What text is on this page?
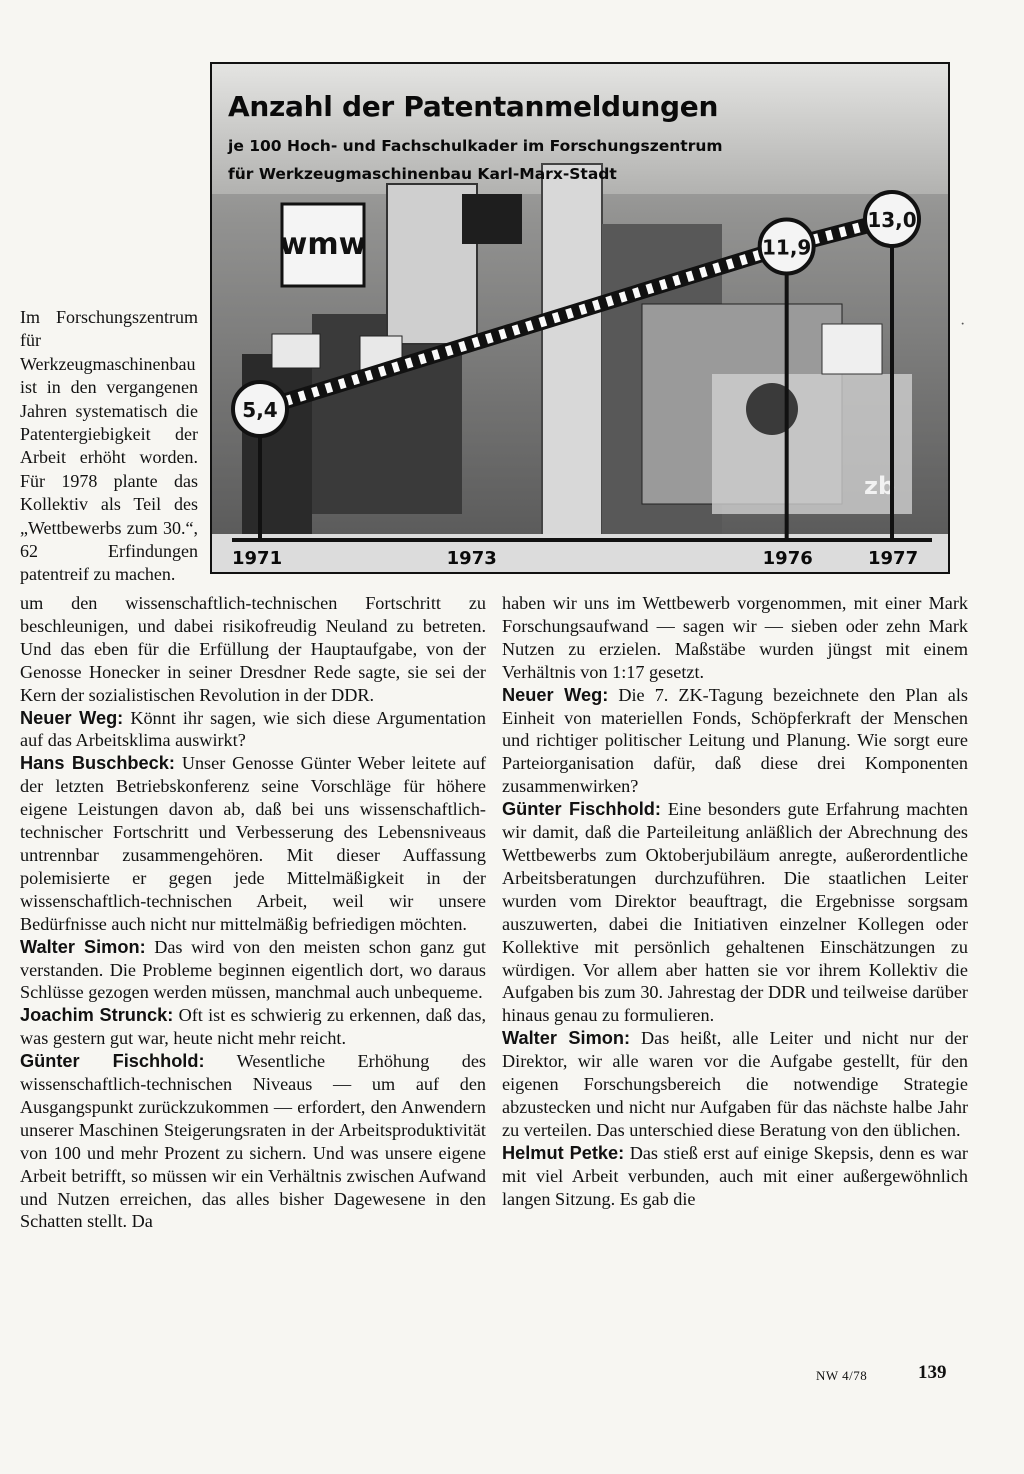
Im Forschungszentrum für Werkzeugmaschinenbau ist in den vergangenen Jahren systematisch die Patentergiebigkeit der Arbeit erhöht worden. Für 1978 plante das Kollektiv als Teil des „Wettbewerbs zum 30.“, 62 Erfindungen patentreif zu machen.

wmw
zb
5,4
11,9
13,0
1971	1973	1976	1977
Anzahl der Patentanmeldungen

je 100 Hoch- und Fachschulkader im Forschungszentrum

für Werkzeugmaschinenbau Karl-Marx-Stadt

um den wissenschaftlich-technischen Fortschritt zu beschleunigen, und dabei risikofreudig Neuland zu betreten. Und das eben für die Erfüllung der Hauptaufgabe, von der Genosse Honecker in seiner Dresdner Rede sagte, sie sei der Kern der sozialistischen Revolution in der DDR.

Neuer Weg: Könnt ihr sagen, wie sich diese Argumentation auf das Arbeitsklima auswirkt?

Hans Buschbeck: Unser Genosse Günter Weber leitete auf der letzten Betriebskonferenz seine Vorschläge für höhere eigene Leistungen davon ab, daß bei uns wissenschaftlich-technischer Fortschritt und Verbesserung des Lebensniveaus untrennbar zusammengehören. Mit dieser Auffassung polemisierte er gegen jede Mittelmäßigkeit in der wissenschaftlich-technischen Arbeit, weil wir unsere Bedürfnisse auch nicht nur mittelmäßig befriedigen möchten.

Walter Simon: Das wird von den meisten schon ganz gut verstanden. Die Probleme beginnen eigentlich dort, wo daraus Schlüsse gezogen werden müssen, manchmal auch unbequeme.

Joachim Strunck: Oft ist es schwierig zu erkennen, daß das, was gestern gut war, heute nicht mehr reicht.

Günter Fischhold: Wesentliche Erhöhung des wissenschaftlich-technischen Niveaus — um auf den Ausgangspunkt zurückzukommen — erfordert, den Anwendern unserer Maschinen Steigerungsraten in der Arbeitsproduktivität von 100 und mehr Prozent zu sichern. Und was unsere eigene Arbeit betrifft, so müssen wir ein Verhältnis zwischen Aufwand und Nutzen erreichen, das alles bisher Dagewesene in den Schatten stellt. Da

haben wir uns im Wettbewerb vorgenommen, mit einer Mark Forschungsaufwand — sagen wir — sieben oder zehn Mark Nutzen zu erzielen. Maßstäbe wurden jüngst mit einem Verhältnis von 1:17 gesetzt.

Neuer Weg: Die 7. ZK-Tagung bezeichnete den Plan als Einheit von materiellen Fonds, Schöpferkraft der Menschen und richtiger politischer Leitung und Planung. Wie sorgt eure Parteiorganisation dafür, daß diese drei Komponenten zusammenwirken?

Günter Fischhold: Eine besonders gute Erfahrung machten wir damit, daß die Parteileitung anläßlich der Abrechnung des Wettbewerbs zum Oktoberjubiläum anregte, außerordentliche Arbeitsberatungen durchzuführen. Die staatlichen Leiter wurden vom Direktor beauftragt, die Ergebnisse sorgsam auszuwerten, dabei die Initiativen einzelner Kollegen oder Kollektive mit persönlich gehaltenen Einschätzungen zu würdigen. Vor allem aber hatten sie vor ihrem Kollektiv die Aufgaben bis zum 30. Jahrestag der DDR und teilweise darüber hinaus genau zu formulieren.

Walter Simon: Das heißt, alle Leiter und nicht nur der Direktor, wir alle waren vor die Aufgabe gestellt, für den eigenen Forschungsbereich die notwendige Strategie abzustecken und nicht nur Aufgaben für das nächste halbe Jahr zu verteilen. Das unterschied diese Beratung von den üblichen.

Helmut Petke: Das stieß erst auf einige Skepsis, denn es war mit viel Arbeit verbunden, auch mit einer außergewöhnlich langen Sitzung. Es gab die

·
NW 4/78	139
